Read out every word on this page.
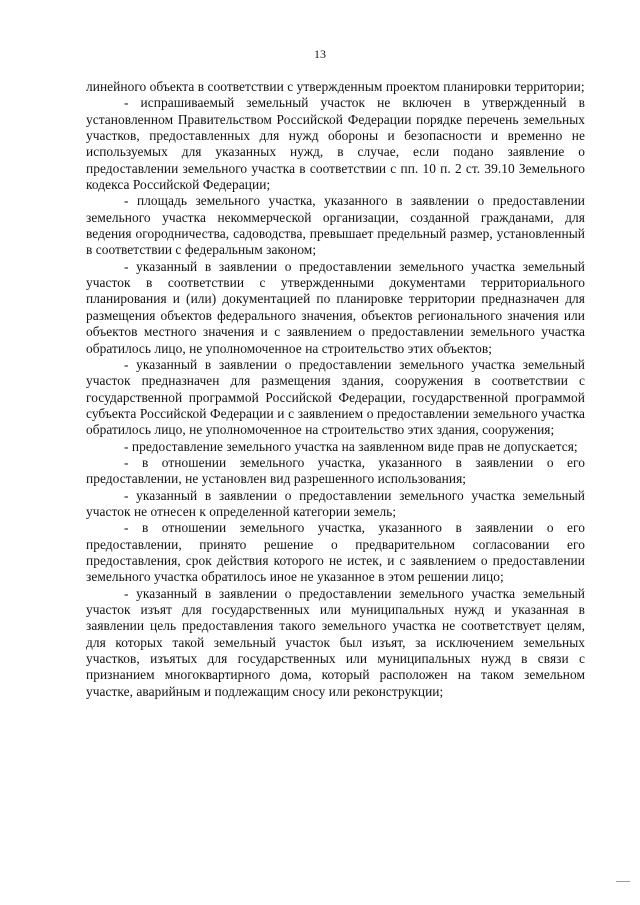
13

линейного объекта в соответствии с утвержденным проектом планировки территории;

- испрашиваемый земельный участок не включен в утвержденный в установленном Правительством Российской Федерации порядке перечень земельных участков, предоставленных для нужд обороны и безопасности и временно не используемых для указанных нужд, в случае, если подано заявление о предоставлении земельного участка в соответствии с пп. 10 п. 2 ст. 39.10 Земельного кодекса Российской Федерации;

- площадь земельного участка, указанного в заявлении о предоставлении земельного участка некоммерческой организации, созданной гражданами, для ведения огородничества, садоводства, превышает предельный размер, установленный в соответствии с федеральным законом;

- указанный в заявлении о предоставлении земельного участка земельный участок в соответствии с утвержденными документами территориального планирования и (или) документацией по планировке территории предназначен для размещения объектов федерального значения, объектов регионального значения или объектов местного значения и с заявлением о предоставлении земельного участка обратилось лицо, не уполномоченное на строительство этих объектов;

- указанный в заявлении о предоставлении земельного участка земельный участок предназначен для размещения здания, сооружения в соответствии с государственной программой Российской Федерации, государственной программой субъекта Российской Федерации и с заявлением о предоставлении земельного участка обратилось лицо, не уполномоченное на строительство этих здания, сооружения;

- предоставление земельного участка на заявленном виде прав не допускается;

- в отношении земельного участка, указанного в заявлении о его предоставлении, не установлен вид разрешенного использования;

- указанный в заявлении о предоставлении земельного участка земельный участок не отнесен к определенной категории земель;

- в отношении земельного участка, указанного в заявлении о его предоставлении, принято решение о предварительном согласовании его предоставления, срок действия которого не истек, и с заявлением о предоставлении земельного участка обратилось иное не указанное в этом решении лицо;

- указанный в заявлении о предоставлении земельного участка земельный участок изъят для государственных или муниципальных нужд и указанная в заявлении цель предоставления такого земельного участка не соответствует целям, для которых такой земельный участок был изъят, за исключением земельных участков, изъятых для государственных или муниципальных нужд в связи с признанием многоквартирного дома, который расположен на таком земельном участке, аварийным и подлежащим сносу или реконструкции;
